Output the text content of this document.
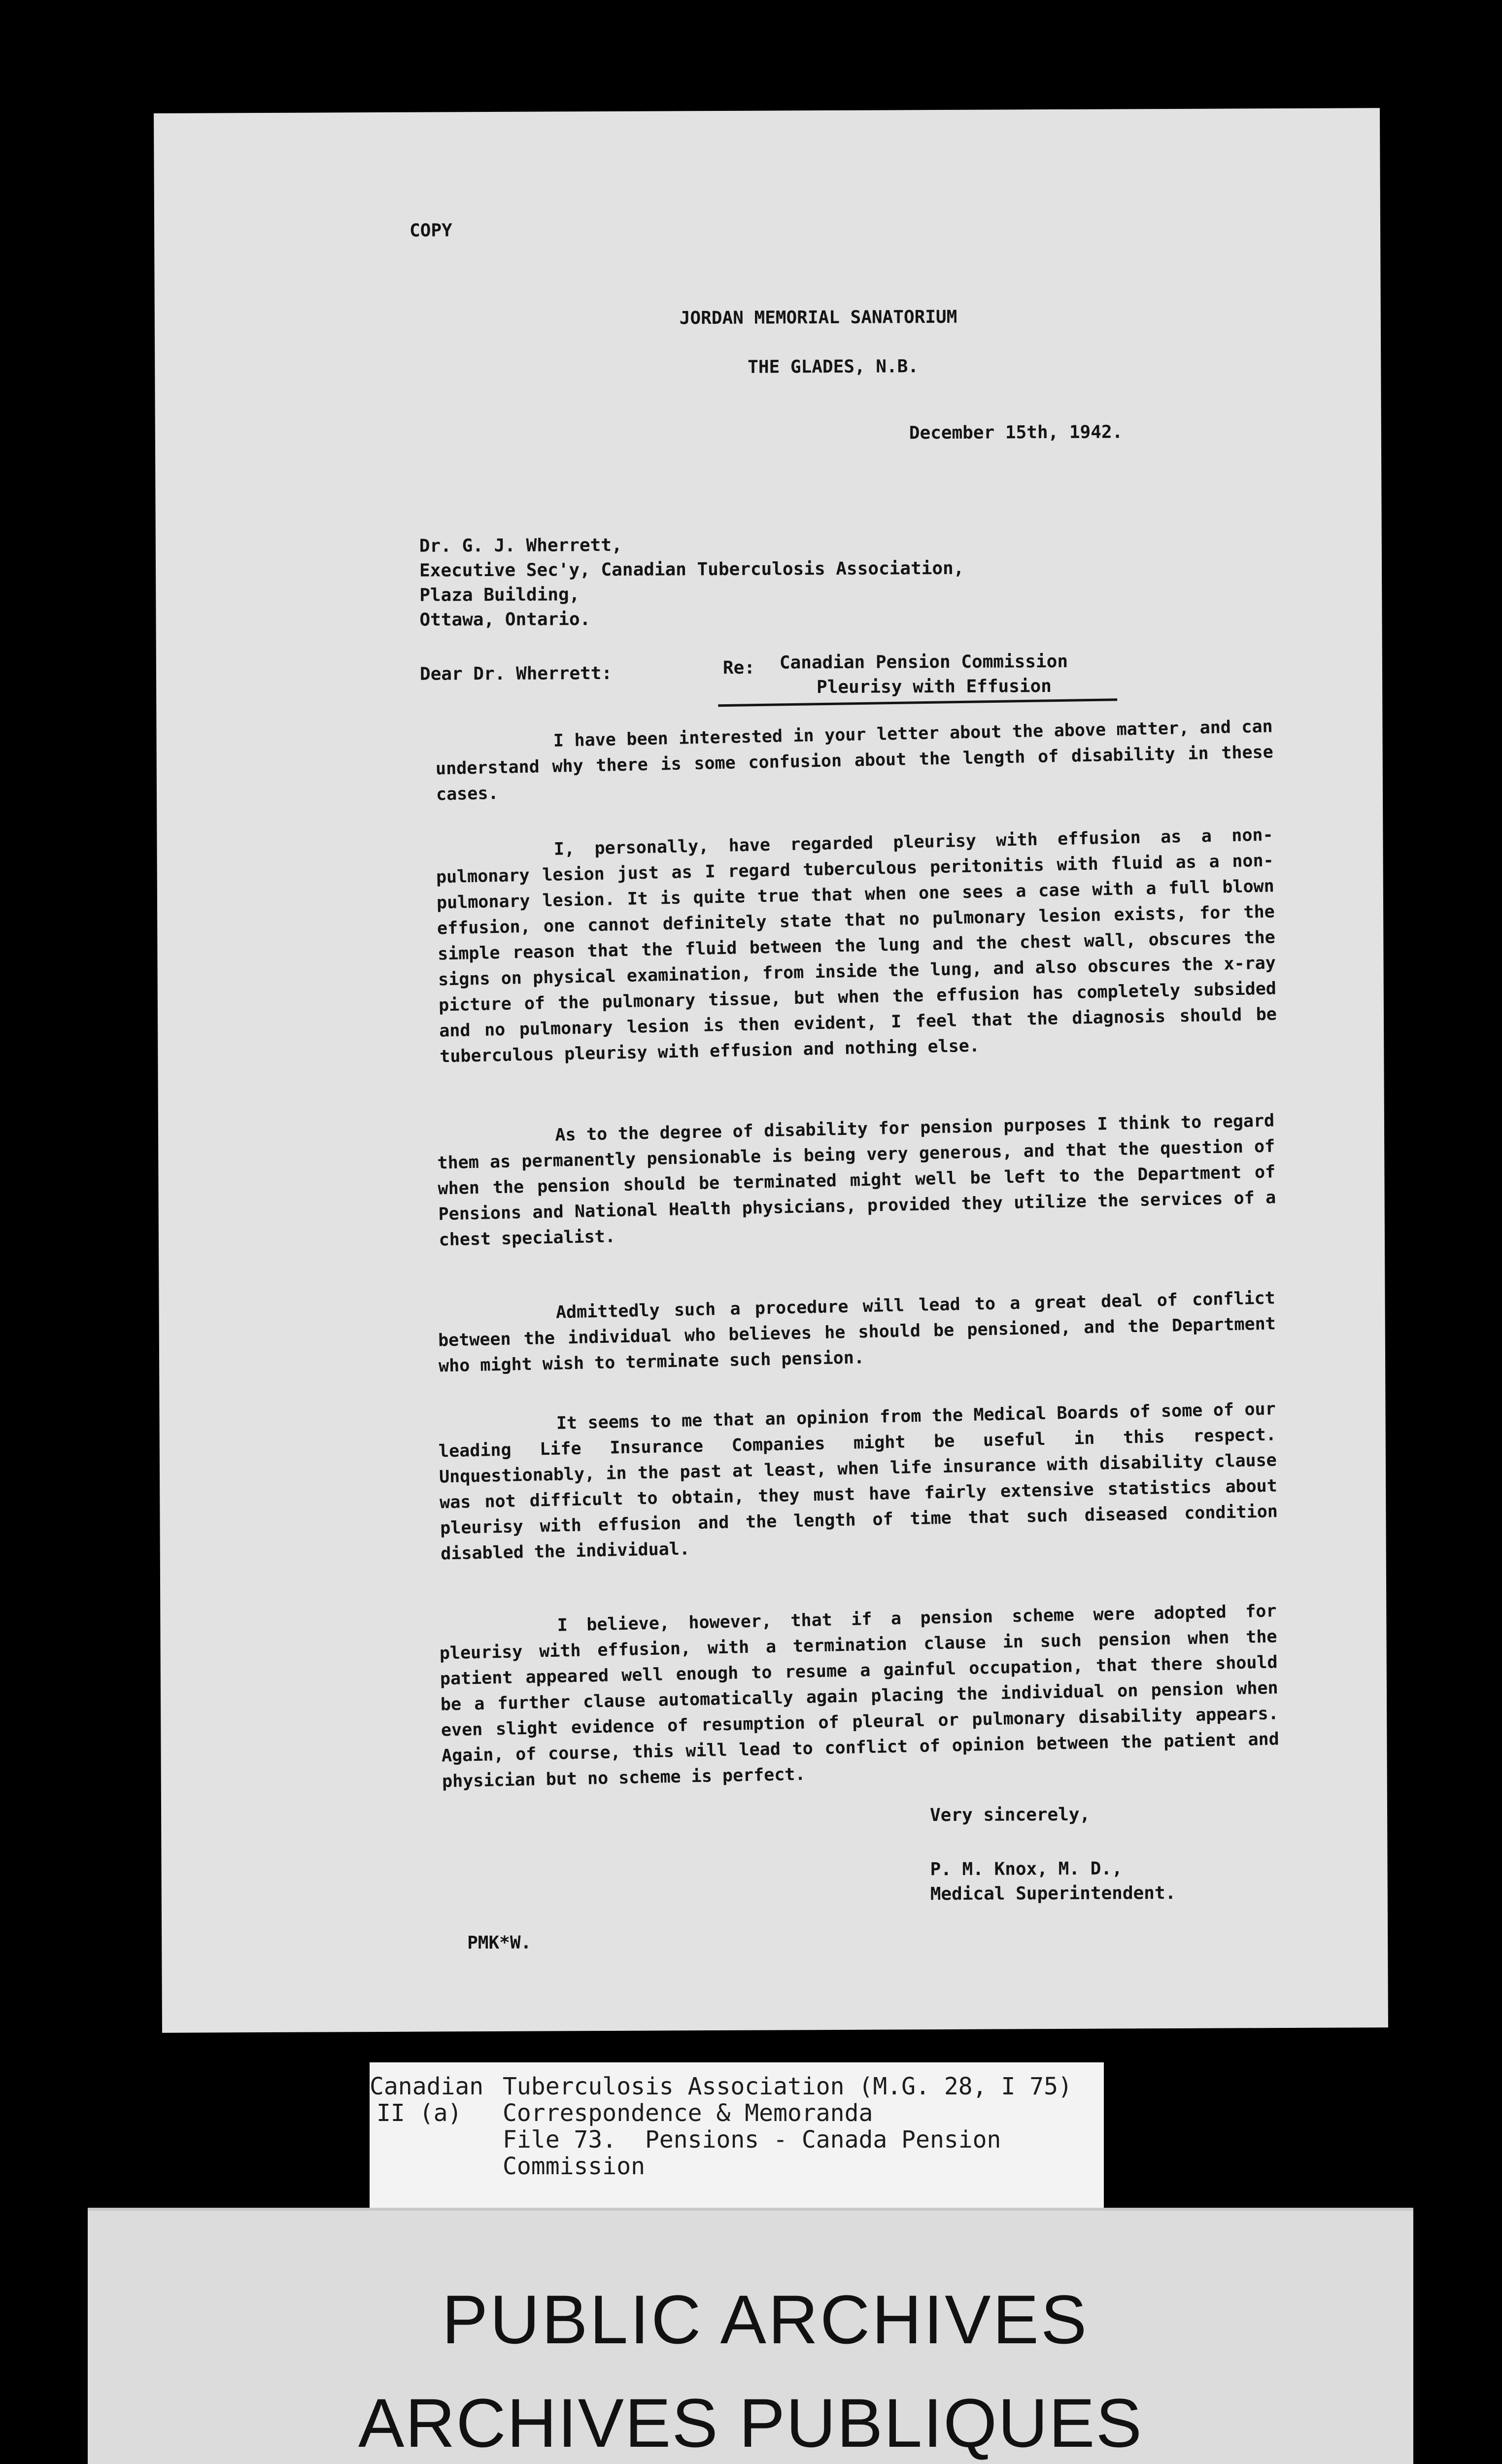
COPY
JORDAN MEMORIAL SANATORIUM
THE GLADES, N.B.
December 15th, 1942.
Dr. G. J. Wherrett,
Executive Sec'y, Canadian Tuberculosis Association,
Plaza Building,
Ottawa, Ontario.
Dear Dr. Wherrett:	Re: Canadian Pension Commission
Pleurisy with Effusion

I have been interested in your letter about the above matter, and can understand why there is some confusion about the length of disability in these cases.

I, personally, have regarded pleurisy with effusion as a non-pulmonary lesion just as I regard tuberculous peritonitis with fluid as a non-pulmonary lesion. It is quite true that when one sees a case with a full blown effusion, one cannot definitely state that no pulmonary lesion exists, for the simple reason that the fluid between the lung and the chest wall, obscures the signs on physical examination, from inside the lung, and also obscures the x-ray picture of the pulmonary tissue, but when the effusion has completely subsided and no pulmonary lesion is then evident, I feel that the diagnosis should be tuberculous pleurisy with effusion and nothing else.

As to the degree of disability for pension purposes I think to regard them as permanently pensionable is being very generous, and that the question of when the pension should be terminated might well be left to the Department of Pensions and National Health physicians, provided they utilize the services of a chest specialist.

Admittedly such a procedure will lead to a great deal of conflict between the individual who believes he should be pensioned, and the Department who might wish to terminate such pension.

It seems to me that an opinion from the Medical Boards of some of our leading Life Insurance Companies might be useful in this respect. Unquestionably, in the past at least, when life insurance with disability clause was not difficult to obtain, they must have fairly extensive statistics about pleurisy with effusion and the length of time that such diseased condition disabled the individual.

I believe, however, that if a pension scheme were adopted for pleurisy with effusion, with a termination clause in such pension when the patient appeared well enough to resume a gainful occupation, that there should be a further clause automatically again placing the individual on pension when even slight evidence of resumption of pleural or pulmonary disability appears. Again, of course, this will lead to conflict of opinion between the patient and physician but no scheme is perfect.

Very sincerely,
P. M. Knox, M. D.,
Medical Superintendent.
PMK*W.

Canadian Tuberculosis Association (M.G. 28, I 75)

II (a) Correspondence & Memoranda

File 73.  Pensions - Canada Pension

Commission

PUBLIC ARCHIVES

ARCHIVES PUBLIQUES
